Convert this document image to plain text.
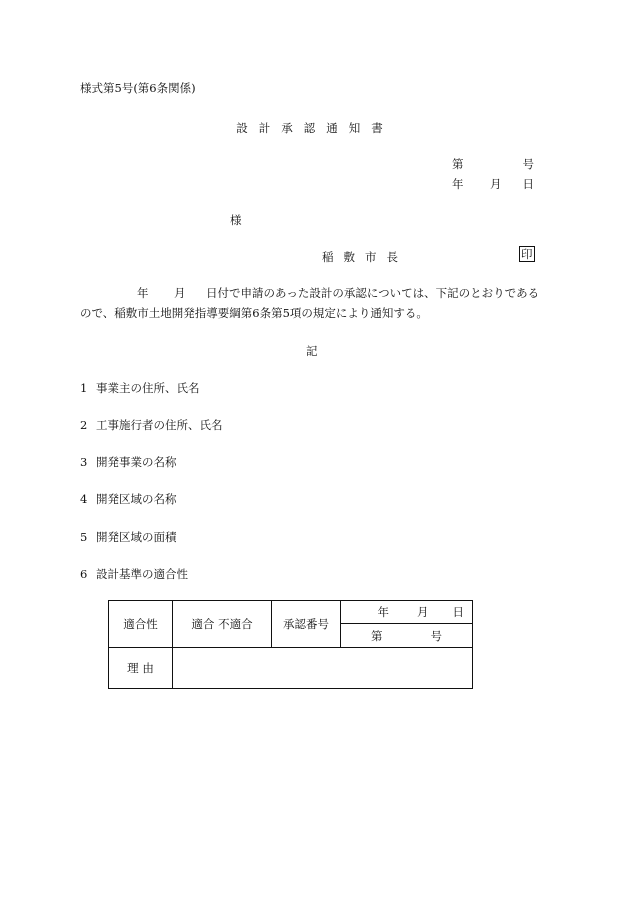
様式第5号(第6条関係)
設計承認通知書
第	号
年 月 日
様
稲敷市長	印
年 月 日付で申請のあった設計の承認については、下記のとおりである
ので、稲敷市土地開発指導要綱第6条第5項の規定により通知する。
記
1 事業主の住所、氏名
2 工事施行者の住所、氏名
3 開発事業の名称
4 開発区域の名称
5 開発区域の面積
6 設計基準の適合性
適合性	適合 不適合	承認番号	年 月 日
			第 号
理 由			
